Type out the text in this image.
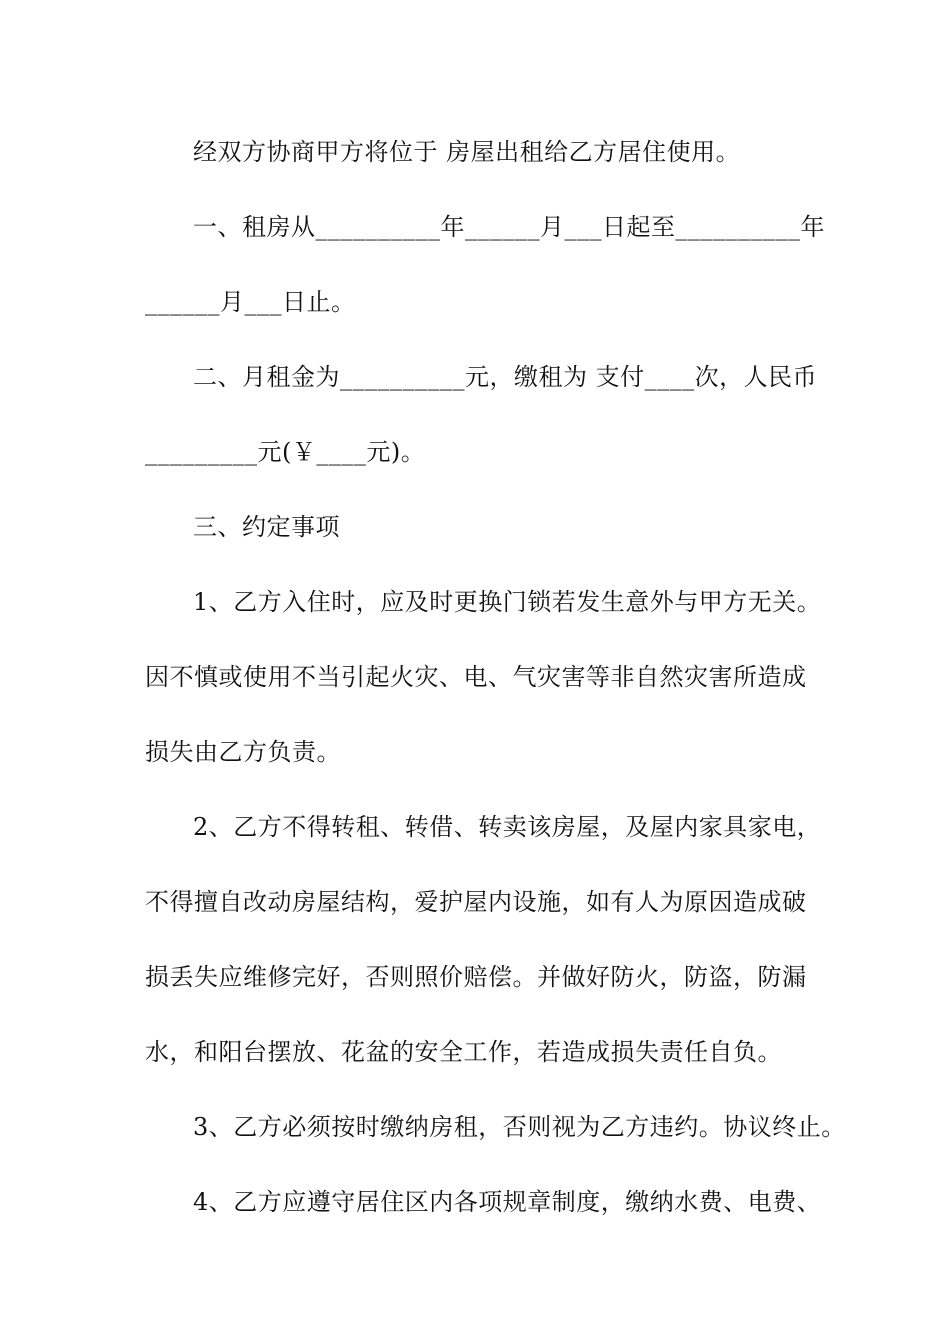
经双方协商甲方将位于 房屋出租给乙方居住使用。
一、租房从__________年______月___日起至__________年
______月___日止。
二、月租金为__________元，缴租为 支付____次，人民币
_________元(￥____元)。
三、约定事项
1、乙方入住时，应及时更换门锁若发生意外与甲方无关。
因不慎或使用不当引起火灾、电、气灾害等非自然灾害所造成
损失由乙方负责。
2、乙方不得转租、转借、转卖该房屋，及屋内家具家电，
不得擅自改动房屋结构，爱护屋内设施，如有人为原因造成破
损丢失应维修完好，否则照价赔偿。并做好防火，防盗，防漏
水，和阳台摆放、花盆的安全工作，若造成损失责任自负。
3、乙方必须按时缴纳房租，否则视为乙方违约。协议终止。
4、乙方应遵守居住区内各项规章制度，缴纳水费、电费、
